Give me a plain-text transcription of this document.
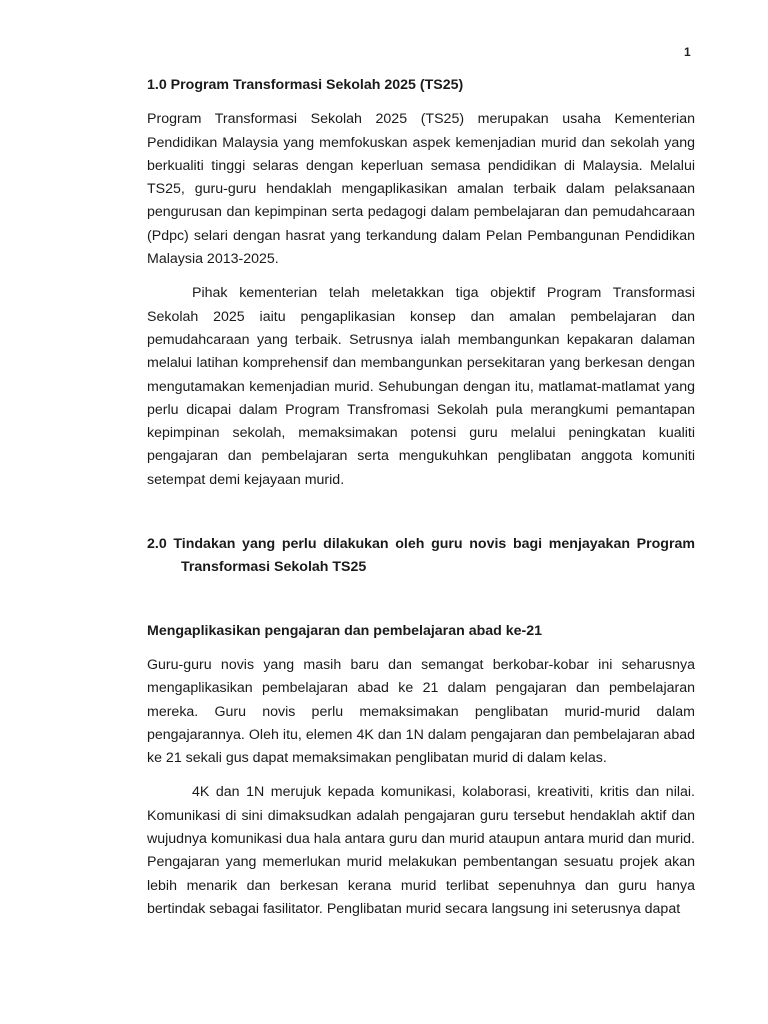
1
1.0 Program Transformasi Sekolah 2025 (TS25)

Program Transformasi Sekolah 2025 (TS25) merupakan usaha Kementerian Pendidikan Malaysia yang memfokuskan aspek kemenjadian murid dan sekolah yang berkualiti tinggi selaras dengan keperluan semasa pendidikan di Malaysia. Melalui TS25, guru-guru hendaklah mengaplikasikan amalan terbaik dalam pelaksanaan pengurusan dan kepimpinan serta pedagogi dalam pembelajaran dan pemudahcaraan (Pdpc) selari dengan hasrat yang terkandung dalam Pelan Pembangunan Pendidikan Malaysia 2013-2025.

Pihak kementerian telah meletakkan tiga objektif Program Transformasi Sekolah 2025 iaitu pengaplikasian konsep dan amalan pembelajaran dan pemudahcaraan yang terbaik. Setrusnya ialah membangunkan kepakaran dalaman melalui latihan komprehensif dan membangunkan persekitaran yang berkesan dengan mengutamakan kemenjadian murid. Sehubungan dengan itu, matlamat-matlamat yang perlu dicapai dalam Program Transfromasi Sekolah pula merangkumi pemantapan kepimpinan sekolah, memaksimakan potensi guru melalui peningkatan kualiti pengajaran dan pembelajaran serta mengukuhkan penglibatan anggota komuniti setempat demi kejayaan murid.

2.0 Tindakan yang perlu dilakukan oleh guru novis bagi menjayakan Program Transformasi Sekolah TS25
Mengaplikasikan pengajaran dan pembelajaran abad ke-21

Guru-guru novis yang masih baru dan semangat berkobar-kobar ini seharusnya mengaplikasikan pembelajaran abad ke 21 dalam pengajaran dan pembelajaran mereka. Guru novis perlu memaksimakan penglibatan murid-murid dalam pengajarannya. Oleh itu, elemen 4K dan 1N dalam pengajaran dan pembelajaran abad ke 21 sekali gus dapat memaksimakan penglibatan murid di dalam kelas.

4K dan 1N merujuk kepada komunikasi, kolaborasi, kreativiti, kritis dan nilai. Komunikasi di sini dimaksudkan adalah pengajaran guru tersebut hendaklah aktif dan wujudnya komunikasi dua hala antara guru dan murid ataupun antara murid dan murid. Pengajaran yang memerlukan murid melakukan pembentangan sesuatu projek akan lebih menarik dan berkesan kerana murid terlibat sepenuhnya dan guru hanya bertindak sebagai fasilitator. Penglibatan murid secara langsung ini seterusnya dapat
